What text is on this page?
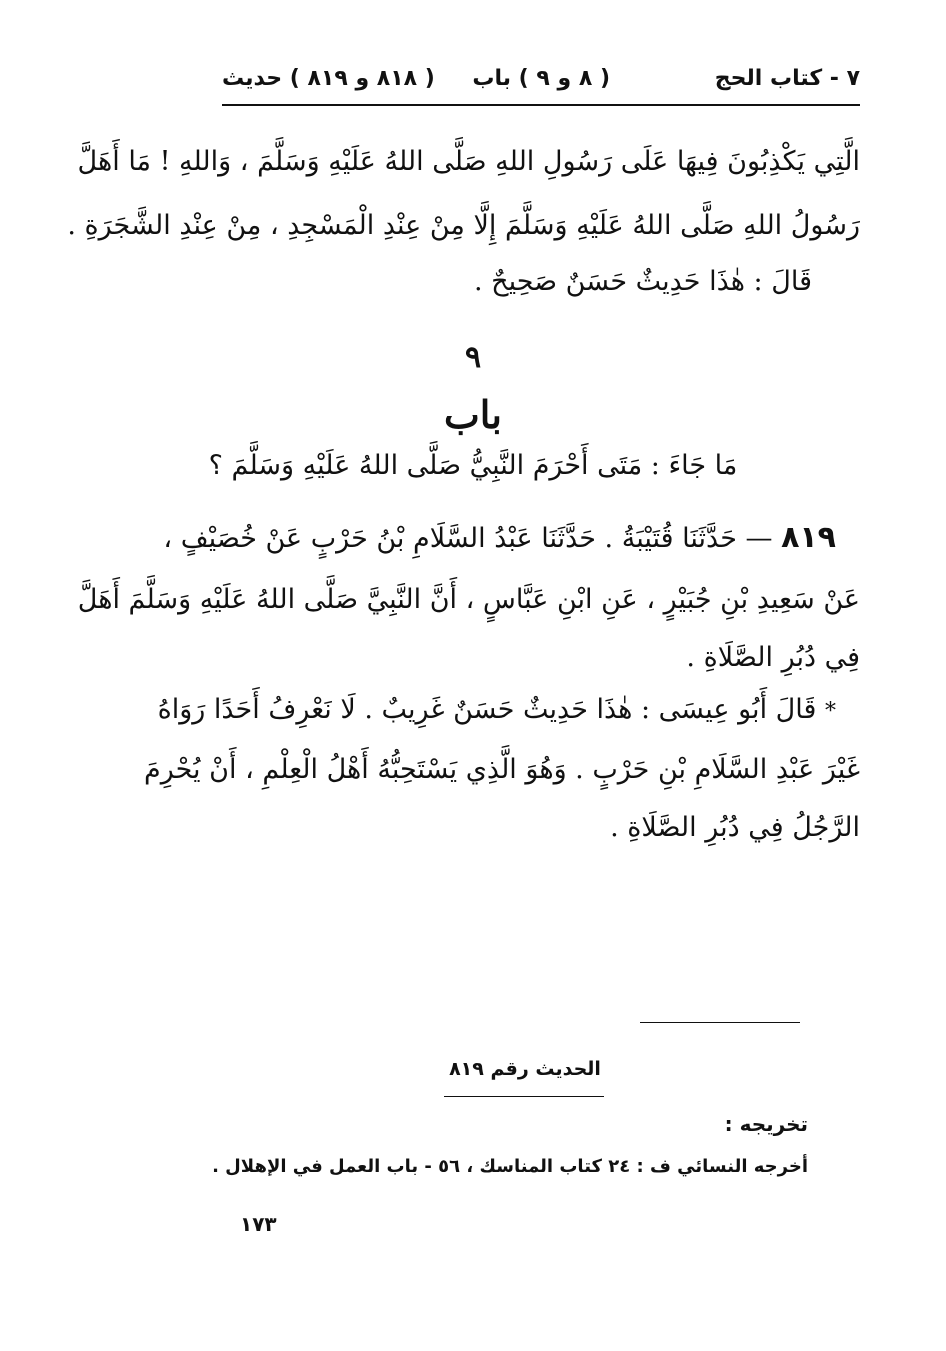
٧ - كتاب الحج
( ٨ و ٩ ) باب
( ٨١٨ و ٨١٩ ) حديث
الَّتِي يَكْذِبُونَ فِيهَا عَلَى رَسُولِ اللهِ صَلَّى اللهُ عَلَيْهِ وَسَلَّمَ ، وَاللهِ ! مَا أَهَلَّ
رَسُولُ اللهِ صَلَّى اللهُ عَلَيْهِ وَسَلَّمَ إِلَّا مِنْ عِنْدِ الْمَسْجِدِ ، مِنْ عِنْدِ الشَّجَرَةِ .
قَالَ : هٰذَا حَدِيثٌ حَسَنٌ صَحِيحٌ .
٩
باب
مَا جَاءَ : مَتَى أَحْرَمَ النَّبِيُّ صَلَّى اللهُ عَلَيْهِ وَسَلَّمَ ؟
٨١٩ — حَدَّثَنَا قُتَيْبَةُ . حَدَّثَنَا عَبْدُ السَّلَامِ بْنُ حَرْبٍ عَنْ خُصَيْفٍ ،
عَنْ سَعِيدِ بْنِ جُبَيْرٍ ، عَنِ ابْنِ عَبَّاسٍ ، أَنَّ النَّبِيَّ صَلَّى اللهُ عَلَيْهِ وَسَلَّمَ أَهَلَّ
فِي دُبُرِ الصَّلَاةِ .
* قَالَ أَبُو عِيسَى : هٰذَا حَدِيثٌ حَسَنٌ غَرِيبٌ . لَا نَعْرِفُ أَحَدًا رَوَاهُ
غَيْرَ عَبْدِ السَّلَامِ بْنِ حَرْبٍ . وَهُوَ الَّذِي يَسْتَحِبُّهُ أَهْلُ الْعِلْمِ ، أَنْ يُحْرِمَ
الرَّجُلُ فِي دُبُرِ الصَّلَاةِ .
الحديث رقم ٨١٩
تخريجه :
أخرجه النسائي ف : ٢٤ كتاب المناسك ، ٥٦ - باب العمل في الإهلال .
١٧٣
